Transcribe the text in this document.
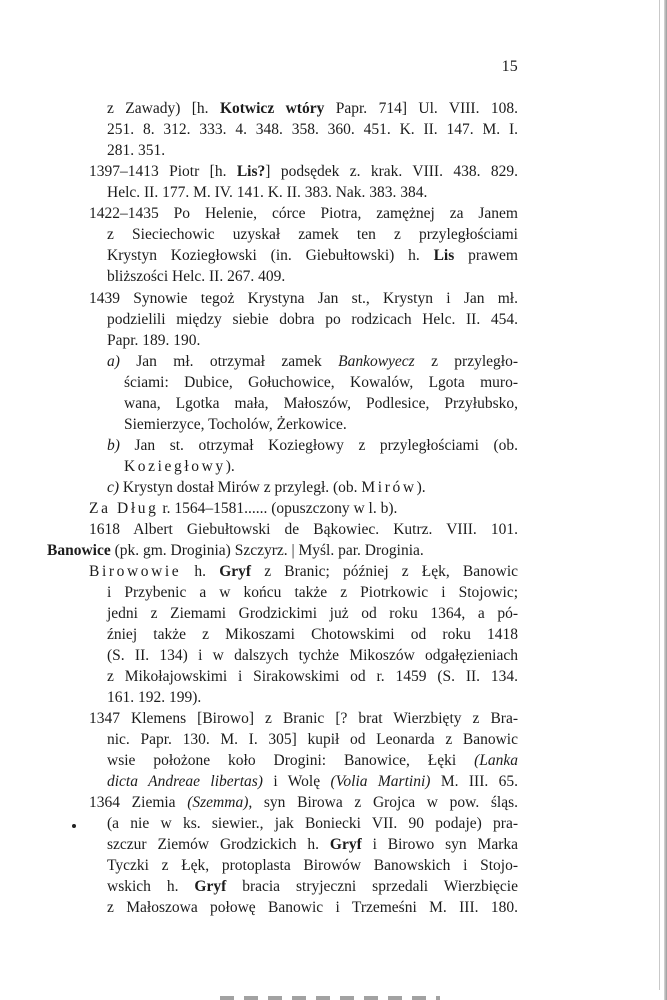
15
z Zawady) [h. Kotwicz wtóry Papr. 714] Ul. VIII. 108.
251. 8. 312. 333. 4. 348. 358. 360. 451. K. II. 147. M. I.
281. 351.
1397–1413 Piotr [h. Lis?] podsędek z. krak. VIII. 438. 829.
Helc. II. 177. M. IV. 141. K. II. 383. Nak. 383. 384.
1422–1435 Po Helenie, córce Piotra, zamężnej za Janem
z Sieciechowic uzyskał zamek ten z przyległościami
Krystyn Koziegłowski (in. Giebułtowski) h. Lis prawem
bliższości Helc. II. 267. 409.
1439 Synowie tegoż Krystyna Jan st., Krystyn i Jan mł.
podzielili między siebie dobra po rodzicach Helc. II. 454.
Papr. 189. 190.
a) Jan mł. otrzymał zamek Bankowyecz z przyległo-
ściami: Dubice, Gołuchowice, Kowalów, Lgota muro-
wana, Lgotka mała, Małoszów, Podlesice, Przyłubsko,
Siemierzyce, Tocholów, Żerkowice.
b) Jan st. otrzymał Koziegłowy z przyległościami (ob.
Koziegłowy).
c) Krystyn dostał Mirów z przyległ. (ob. Mirów).
Za Dług r. 1564–1581...... (opuszczony w l. b).
1618 Albert Giebułtowski de Bąkowiec. Kutrz. VIII. 101.
Banowice (pk. gm. Droginia) Szczyrz. | Myśl. par. Droginia.
Birowowie h. Gryf z Branic; później z Łęk, Banowic
i Przybenic a w końcu także z Piotrkowic i Stojowic;
jedni z Ziemami Grodzickimi już od roku 1364, a pó-
źniej także z Mikoszami Chotowskimi od roku 1418
(S. II. 134) i w dalszych tychże Mikoszów odgałęzieniach
z Mikołajowskimi i Sirakowskimi od r. 1459 (S. II. 134.
161. 192. 199).
1347 Klemens [Birowo] z Branic [? brat Wierzbięty z Bra-
nic. Papr. 130. M. I. 305] kupił od Leonarda z Banowic
wsie położone koło Drogini: Banowice, Łęki (Lanka
dicta Andreae libertas) i Wolę (Volia Martini) M. III. 65.
1364 Ziemia (Szemma), syn Birowa z Grojca w pow. śląs.
(a nie w ks. siewier., jak Boniecki VII. 90 podaje) pra-
szczur Ziemów Grodzickich h. Gryf i Birowo syn Marka
Tyczki z Łęk, protoplasta Birowów Banowskich i Stojo-
wskich h. Gryf bracia stryjeczni sprzedali Wierzbięcie
z Małoszowa połowę Banowic i Trzemeśni M. III. 180.
